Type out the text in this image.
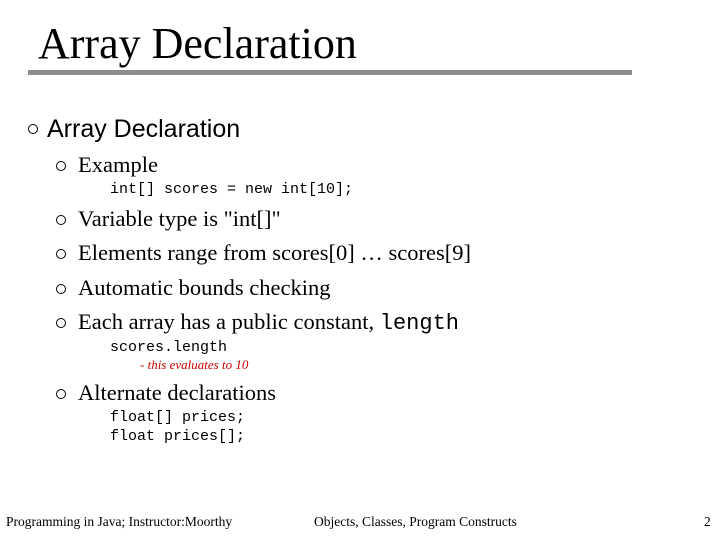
Array Declaration
Array Declaration
Example
int[] scores = new int[10];
Variable type is "int[]"
Elements range from scores[0] … scores[9]
Automatic bounds checking
Each array has a public constant, length
scores.length
- this evaluates to 10
Alternate declarations
float[] prices;
float prices[];
Programming in Java; Instructor:Moorthy	Objects, Classes, Program Constructs	2
